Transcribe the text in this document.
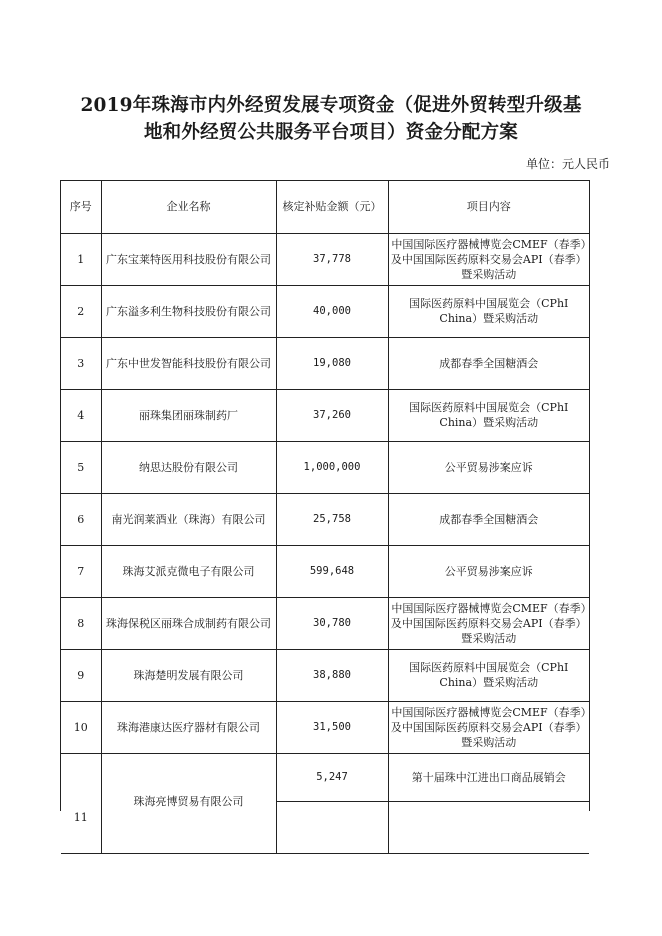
2019年珠海市内外经贸发展专项资金（促进外贸转型升级基
地和外经贸公共服务平台项目）资金分配方案
单位：元人民币
序号	企业名称	核定补贴金额（元）	项目内容
1	广东宝莱特医用科技股份有限公司	37,778	中国国际医疗器械博览会CMEF（春季）及中国国际医药原料交易会API（春季）暨采购活动
2	广东溢多利生物科技股份有限公司	40,000	国际医药原料中国展览会（CPhI China）暨采购活动
3	广东中世发智能科技股份有限公司	19,080	成都春季全国糖酒会
4	丽珠集团丽珠制药厂	37,260	国际医药原料中国展览会（CPhI China）暨采购活动
5	纳思达股份有限公司	1,000,000	公平贸易涉案应诉
6	南光润莱酒业（珠海）有限公司	25,758	成都春季全国糖酒会
7	珠海艾派克微电子有限公司	599,648	公平贸易涉案应诉
8	珠海保税区丽珠合成制药有限公司	30,780	中国国际医疗器械博览会CMEF（春季）及中国国际医药原料交易会API（春季）暨采购活动
9	珠海楚明发展有限公司	38,880	国际医药原料中国展览会（CPhI China）暨采购活动
10	珠海港康达医疗器材有限公司	31,500	中国国际医疗器械博览会CMEF（春季）及中国国际医药原料交易会API（春季）暨采购活动
11	珠海亮博贸易有限公司	5,247	第十届珠中江进出口商品展销会
